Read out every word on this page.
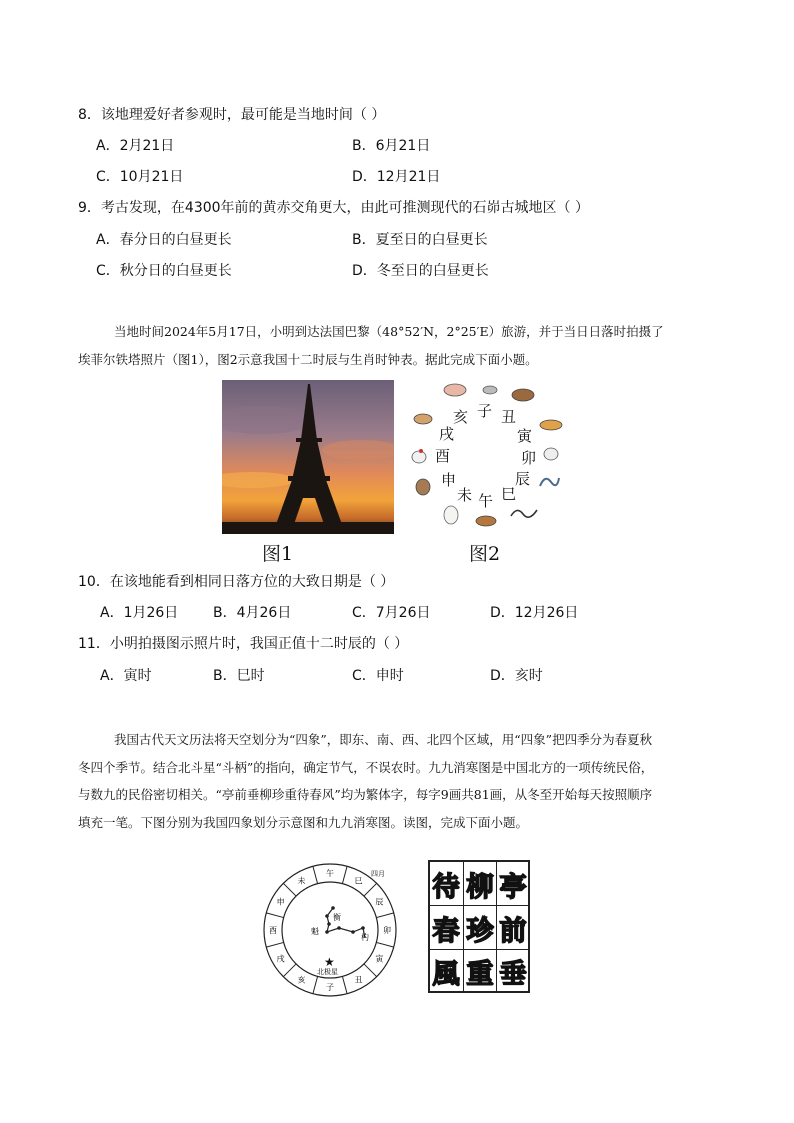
8．该地理爱好者参观时，最可能是当地时间（ ）
A．2月21日	B．6月21日
C．10月21日	D．12月21日
9．考古发现，在4300年前的黄赤交角更大，由此可推测现代的石峁古城地区（ ）
A．春分日的白昼更长	B．夏至日的白昼更长
C．秋分日的白昼更长	D．冬至日的白昼更长
当地时间2024年5月17日，小明到达法国巴黎（48°52′N，2°25′E）旅游，并于当日日落时拍摄了
埃菲尔铁塔照片（图1），图2示意我国十二时辰与生肖时钟表。据此完成下面小题。
图1
亥 子 丑
寅
卯
辰
巳
午
未
申
酉
戌
图2
10．在该地能看到相同日落方位的大致日期是（ ）
A．1月26日 B．4月26日	C．7月26日	D．12月26日
11．小明拍摄图示照片时，我国正值十二时辰的（ ）
A．寅时	B．巳时	C．申时	D．亥时
我国古代天文历法将天空划分为“四象”，即东、南、西、北四个区域，用“四象”把四季分为春夏秋
冬四个季节。结合北斗星“斗柄”的指向，确定节气，不误农时。九九消寒图是中国北方的一项传统民俗，
与数九的民俗密切相关。“亭前垂柳珍重待春风”均为繁体字，每字9画共81画，从冬至开始每天按照顺序
填充一笔。下图分别为我国四象划分示意图和九九消寒图。读图，完成下面小题。
午
巳
辰
卯
寅
丑
子
亥
戌
酉
申
未
魁
衡
杓
★
北极星
四月 待 柳 亭
春 珍 前
風 重 垂
